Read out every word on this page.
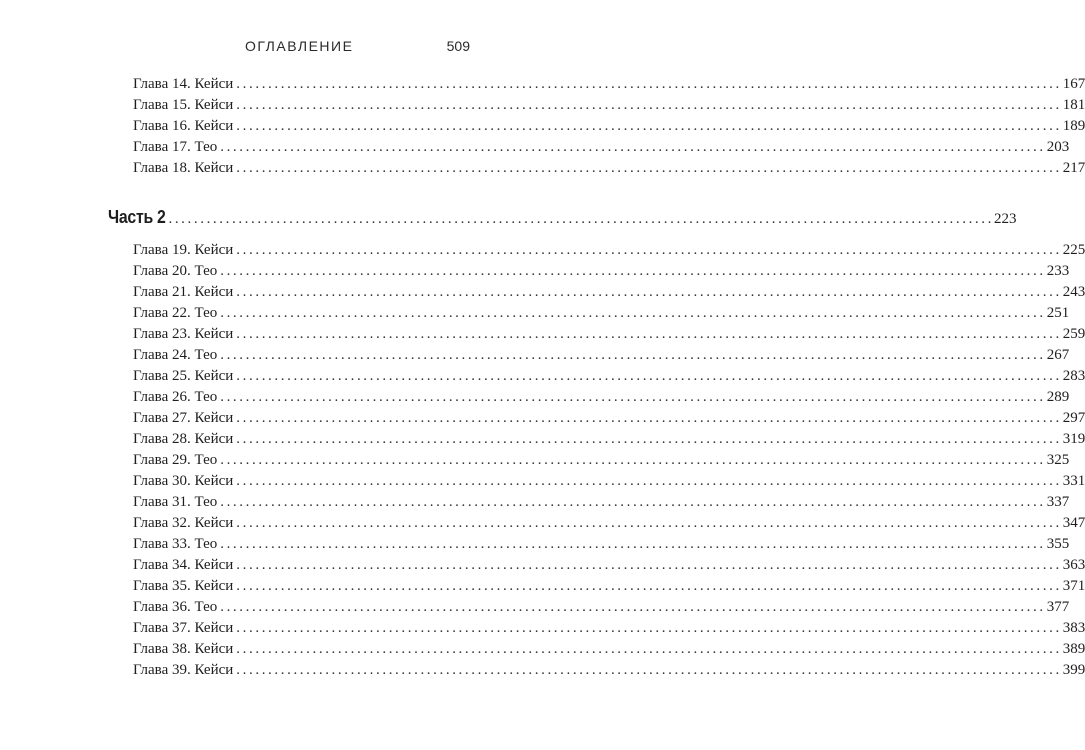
ОГЛАВЛЕНИЕ	509
Глава 14. Кейси .................................................................................................................................. 167
Глава 15. Кейси .................................................................................................................................. 181
Глава 16. Кейси .................................................................................................................................. 189
Глава 17. Тео .................................................................................................................................. 203
Глава 18. Кейси .................................................................................................................................. 217
Часть 2 .................................................................................................................................. 223
Глава 19. Кейси .................................................................................................................................. 225
Глава 20. Тео .................................................................................................................................. 233
Глава 21. Кейси .................................................................................................................................. 243
Глава 22. Тео .................................................................................................................................. 251
Глава 23. Кейси .................................................................................................................................. 259
Глава 24. Тео .................................................................................................................................. 267
Глава 25. Кейси .................................................................................................................................. 283
Глава 26. Тео .................................................................................................................................. 289
Глава 27. Кейси .................................................................................................................................. 297
Глава 28. Кейси .................................................................................................................................. 319
Глава 29. Тео .................................................................................................................................. 325
Глава 30. Кейси .................................................................................................................................. 331
Глава 31. Тео .................................................................................................................................. 337
Глава 32. Кейси .................................................................................................................................. 347
Глава 33. Тео .................................................................................................................................. 355
Глава 34. Кейси .................................................................................................................................. 363
Глава 35. Кейси .................................................................................................................................. 371
Глава 36. Тео .................................................................................................................................. 377
Глава 37. Кейси .................................................................................................................................. 383
Глава 38. Кейси .................................................................................................................................. 389
Глава 39. Кейси .................................................................................................................................. 399
